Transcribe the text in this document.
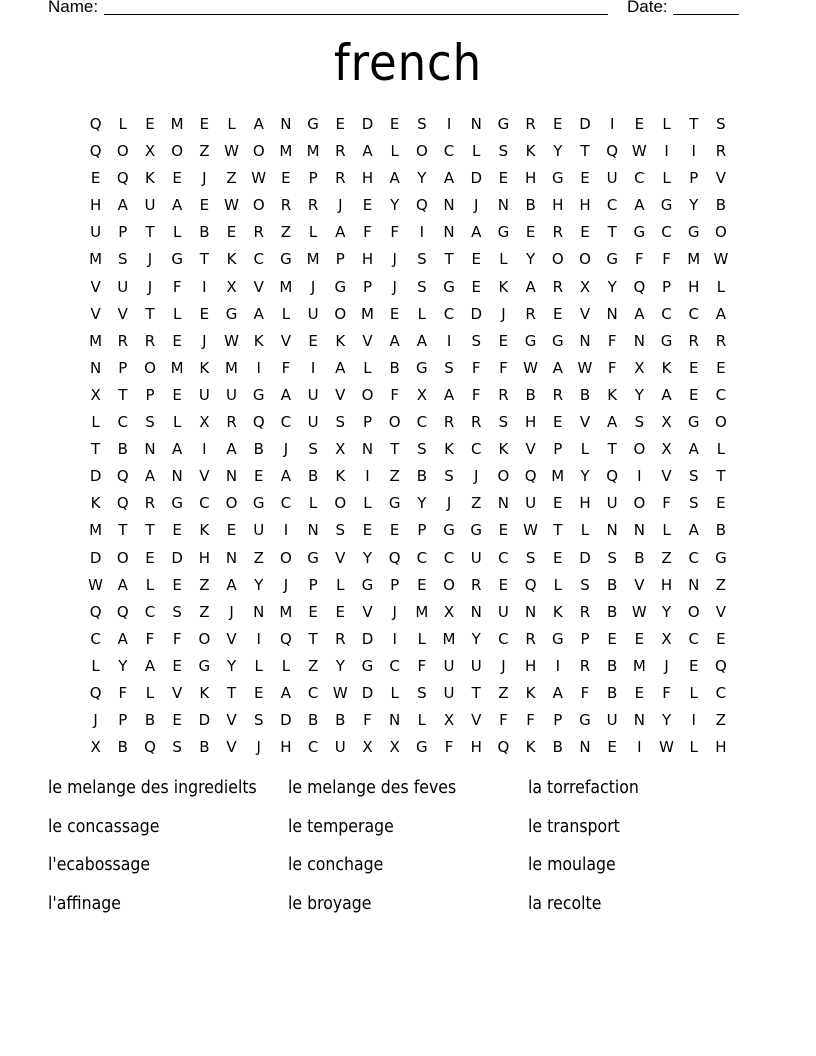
Name:	Date:
french
Q	L	E	M	E	L	A	N	G	E	D	E	S	I	N	G	R	E	D	I	E	L	T	S
Q	O	X	O	Z W O M M	R	A	L	O	C	L	S	K	Y	T	Q W	I	I	R
E	Q	K	E	J	Z W	E	P	R	H	A	Y	A	D	E	H	G	E	U	C	L	P	V
H	A	U	A	E	W O	R	R	J	E	Y	Q	N	J	N	B	H	H	C	A	G	Y	B
U	P	T	L	B	E	R	Z	L	A	F	F	I	N	A	G	E	R	E	T	G	C	G	O
M	S	J	G	T	K	C	G M	P	H	J	S	T	E	L	Y	O	O	G	F	F	M W
V	U	J	F	I	X	V	M	J	G	P	J	S	G	E	K	A	R	X	Y	Q	P	H	L
V	V	T	L	E	G	A	L	U	O M	E	L	C	D	J	R	E	V	N	A	C	C	A
M	R	R	E	J	W K	V	E	K	V	A	A	I	S	E	G	G	N	F	N	G	R	R
N	P	O M	K	M	I	F	I	A	L	B	G	S	F	F	W A W	F	X	K	E	E
X	T	P	E	U	U	G	A	U	V	O	F	X	A	F	R	B	R	B	K	Y	A	E	C
L	C	S	L	X	R	Q	C	U	S	P	O	C	R	R	S	H	E	V	A	S	X	G	O
T	B	N	A	I	A	B	J	S	X	N	T	S	K	C	K	V	P	L	T	O	X	A	L
D	Q	A	N	V	N	E	A	B	K	I	Z	B	S	J	O	Q M	Y	Q	I	V	S	T
K	Q	R	G	C	O	G	C	L	O	L	G	Y	J	Z	N	U	E	H	U	O	F	S	E
M	T	T	E	K	E	U	I	N	S	E	E	P	G	G	E	W	T	L	N	N	L	A	B
D	O	E	D	H	N	Z	O	G	V	Y	Q	C	C	U	C	S	E	D	S	B	Z	C	G
W A	L	E	Z	A	Y	J	P	L	G	P	E	O	R	E	Q	L	S	B	V	H	N	Z
Q	Q	C	S	Z	J	N	M	E	E	V	J	M	X	N	U	N	K	R	B W	Y	O	V
C	A	F	F	O	V	I	Q	T	R	D	I	L	M	Y	C	R	G	P	E	E	X	C	E
L	Y	A	E	G	Y	L	L	Z	Y	G	C	F	U	U	J	H	I	R	B	M	J	E	Q
Q	F	L	V	K	T	E	A	C W D	L	S	U	T	Z	K	A	F	B	E	F	L	C
J	P	B	E	D	V	S	D	B	B	F	N	L	X	V	F	F	P	G	U	N	Y	I	Z
X	B	Q	S	B	V	J	H	C	U	X	X	G	F	H	Q	K	B	N	E	I	W	L	H
le melange des ingredielts	le melange des feves	la torrefaction
le concassage	le temperage	le transport
l'ecabossage	le conchage	le moulage
l'affinage	le broyage	la recolte
